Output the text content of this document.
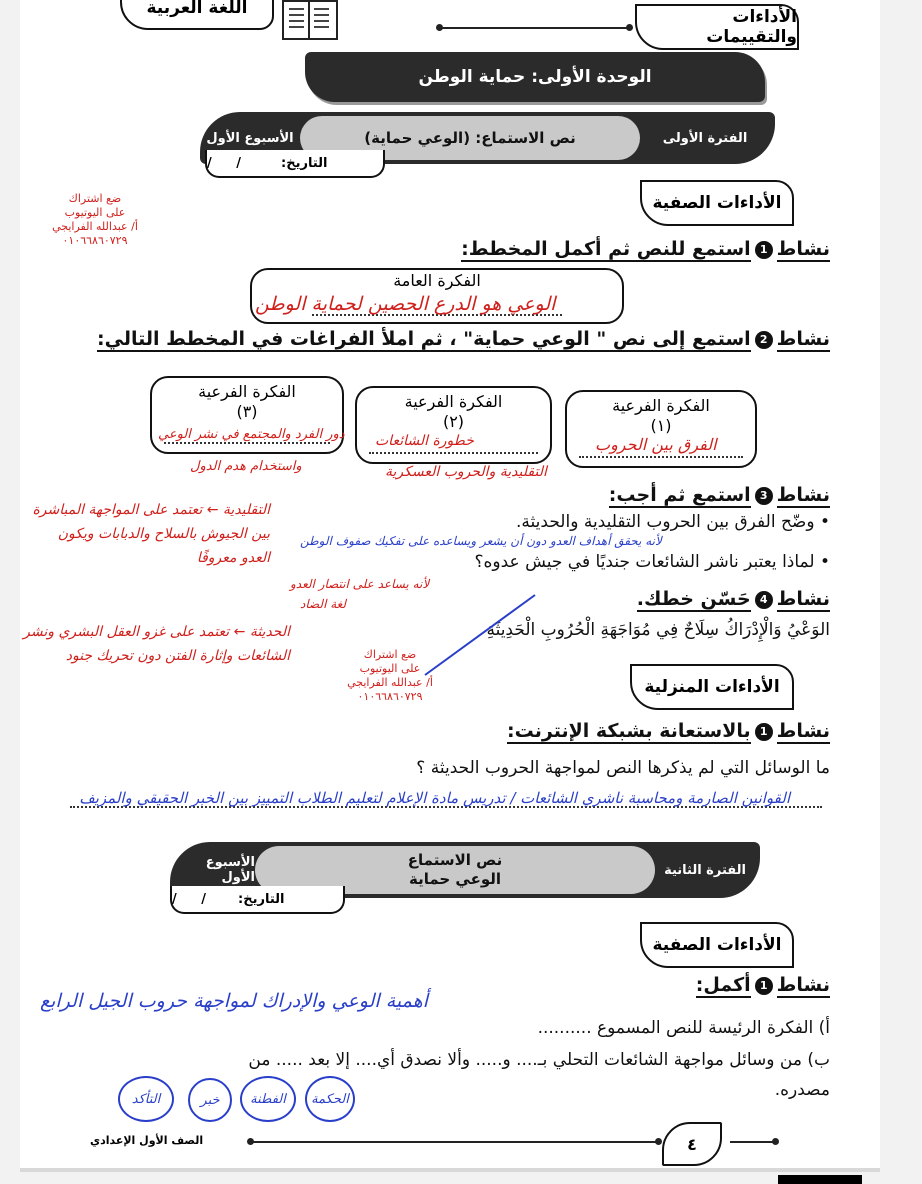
الأداءات والتقييمات
اللغة العربية
الوحدة الأولى: حماية الوطن
الفترة الأولى
نص الاستماع: (الوعي حماية)
الأسبوع الأول
التاريخ:
/ /
الأداءات الصفية
نشاط1استمع للنص ثم أكمل المخطط:
الفكرة العامة
الوعي هو الدرع الحصين لحماية الوطن
نشاط2استمع إلى نص " الوعي حماية" ، ثم املأ الفراغات في المخطط التالي:
الفكرة الفرعية
(١)
الفكرة الفرعية
(٢)
الفكرة الفرعية
(٣)
الفرق بين الحروب
خطورة الشائعات
دور الفرد والمجتمع في نشر الوعي
التقليدية والحروب العسكرية
واستخدام هدم الدول
نشاط3استمع ثم أجب:
• وضّح الفرق بين الحروب التقليدية والحديثة.
لأنه يحقق أهداف العدو دون أن يشعر ويساعده على تفكيك صفوف الوطن
• لماذا يعتبر ناشر الشائعات جنديًا في جيش عدوه؟
لأنه يساعد على انتصار العدو
لغة الضاد
التقليدية ← تعتمد على المواجهة المباشرة بين الجيوش بالسلاح والدبابات ويكون العدو معروفًا
الحديثة ← تعتمد على غزو العقل البشري ونشر الشائعات وإثارة الفتن دون تحريك جنود
نشاط4حَسّن خطك.
الوَعْيُ وَالْإِدْرَاكُ سِلَاحٌ فِي مُوَاجَهَةِ الْحُرُوبِ الْحَدِيثَةِ
ضع اشتراك
على اليوتيوب
أ/ عبدالله الفرايجي
٠١٠٦٦٨٦٠٧٢٩
ضع اشتراك
على اليوتيوب
أ/ عبدالله الفرايجي
٠١٠٦٦٨٦٠٧٢٩	الأداءات المنزلية
نشاط1بالاستعانة بشبكة الإنترنت:
ما الوسائل التي لم يذكرها النص لمواجهة الحروب الحديثة ؟
القوانين الصارمة ومحاسبة ناشري الشائعات / تدريس مادة الإعلام لتعليم الطلاب التمييز بين الخبر الحقيقي والمزيف
الفترة الثانية
نص الاستماع
الوعي حماية
الأسبوع الأول
التاريخ:
/ /
الأداءات الصفية
نشاط1أكمل:
أهمية الوعي والإدراك لمواجهة حروب الجيل الرابع
أ) الفكرة الرئيسة للنص المسموع ..........
ب) من وسائل مواجهة الشائعات التحلي بـ.... و..... وألا نصدق أي.... إلا بعد ..... من
مصدره.
الحكمة
الفطنة
خبر
التأكد
الصف الأول الإعدادي	٤
